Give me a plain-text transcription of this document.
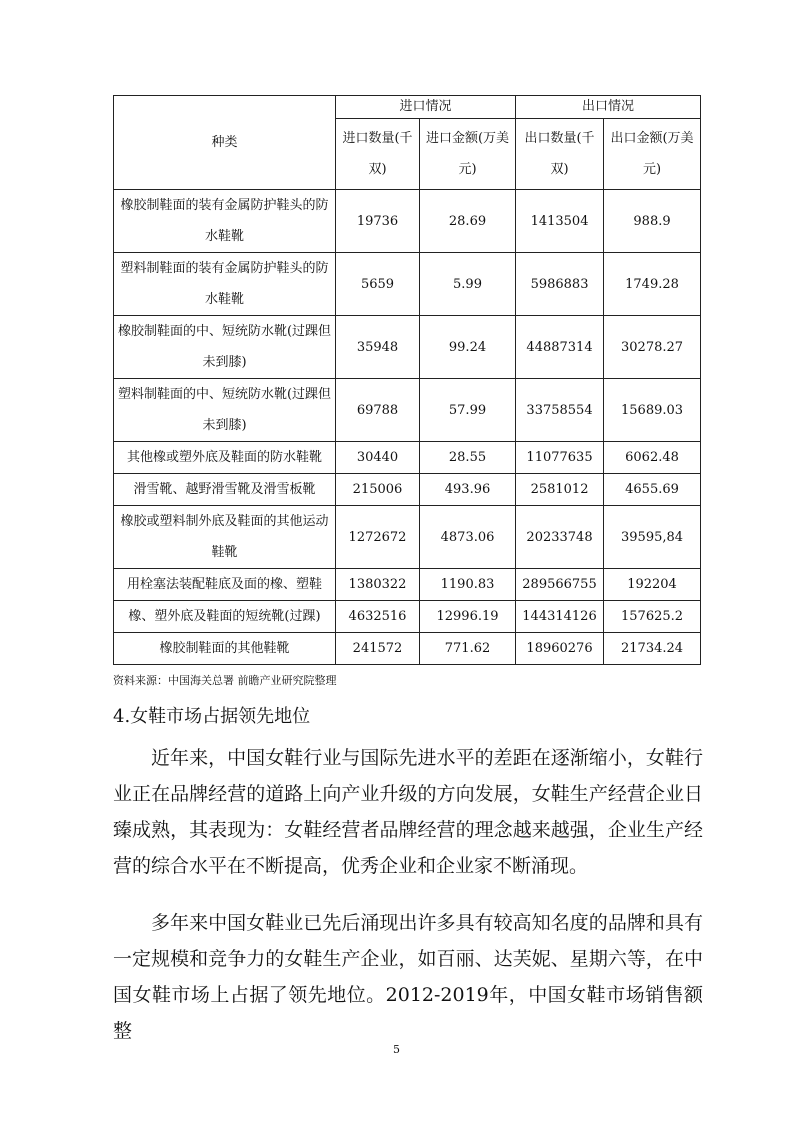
种类	进口情况		出口情况	
	进口数量(千双)	进口金额(万美元)	出口数量(千双)	出口金额(万美元)
橡胶制鞋面的装有金属防护鞋头的防水鞋靴	19736	28.69	1413504	988.9
塑料制鞋面的装有金属防护鞋头的防水鞋靴	5659	5.99	5986883	1749.28
橡胶制鞋面的中、短统防水靴(过踝但未到膝)	35948	99.24	44887314	30278.27
塑料制鞋面的中、短统防水靴(过踝但未到膝)	69788	57.99	33758554	15689.03
其他橡或塑外底及鞋面的防水鞋靴	30440	28.55	11077635	6062.48
滑雪靴、越野滑雪靴及滑雪板靴	215006	493.96	2581012	4655.69
橡胶或塑料制外底及鞋面的其他运动鞋靴	1272672	4873.06	20233748	39595,84
用栓塞法装配鞋底及面的橡、塑鞋	1380322	1190.83	289566755	192204
橡、塑外底及鞋面的短统靴(过踝)	4632516	12996.19	144314126	157625.2
橡胶制鞋面的其他鞋靴	241572	771.62	18960276	21734.24
资料来源：中国海关总署 前瞻产业研究院整理
4.女鞋市场占据领先地位

近年来，中国女鞋行业与国际先进水平的差距在逐渐缩小，女鞋行业正在品牌经营的道路上向产业升级的方向发展，女鞋生产经营企业日臻成熟，其表现为：女鞋经营者品牌经营的理念越来越强，企业生产经营的综合水平在不断提高，优秀企业和企业家不断涌现。

多年来中国女鞋业已先后涌现出许多具有较高知名度的品牌和具有一定规模和竞争力的女鞋生产企业，如百丽、达芙妮、星期六等，在中国女鞋市场上占据了领先地位。2012-2019年，中国女鞋市场销售额整

5
